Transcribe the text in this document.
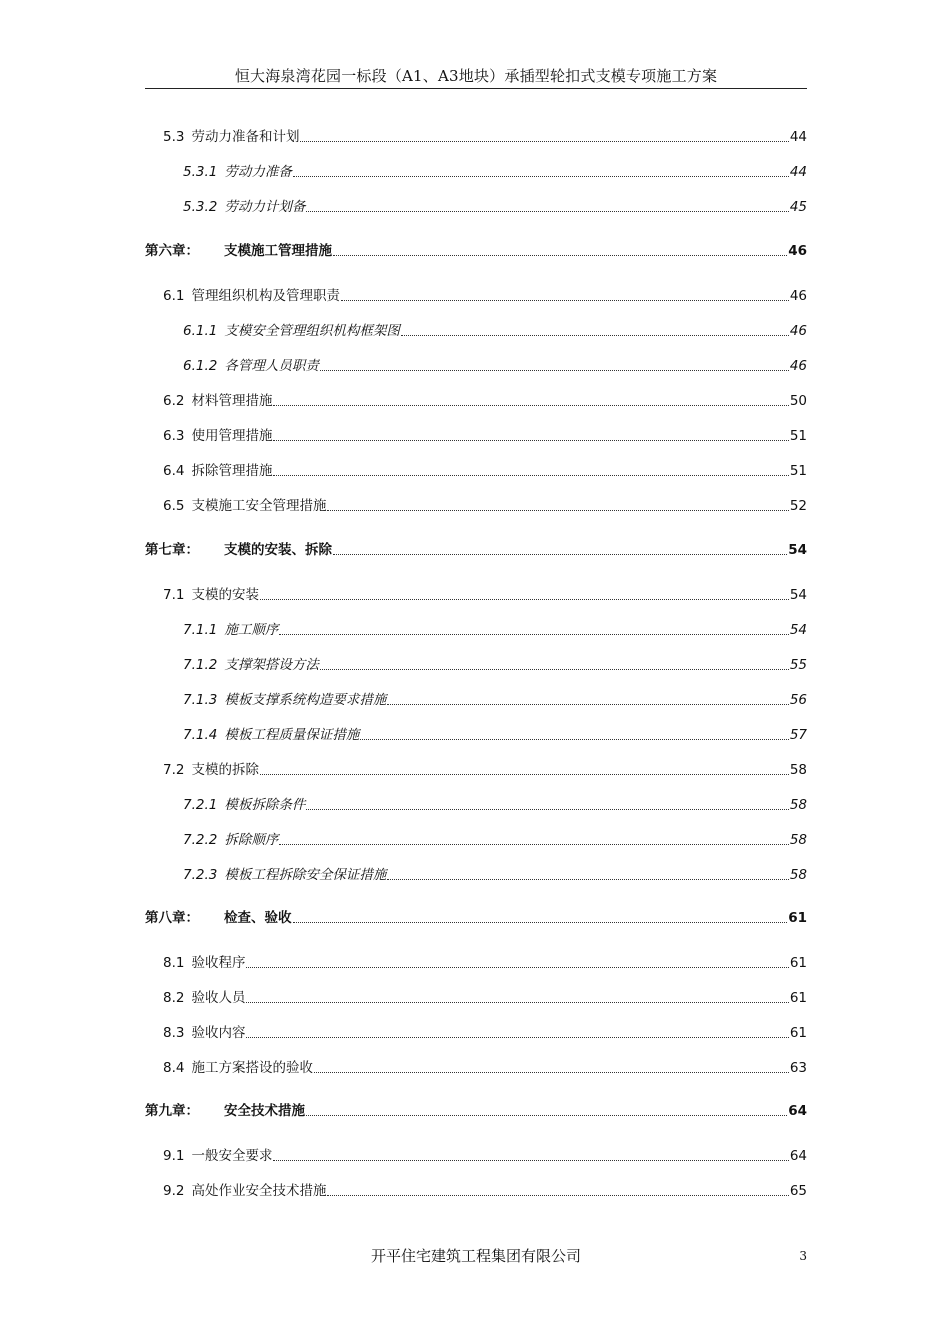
恒大海泉湾花园一标段（A1、A3地块）承插型轮扣式支模专项施工方案
5.3 劳动力准备和计划	44
5.3.1 劳动力准备	44
5.3.2 劳动力计划备	45
第六章： 支模施工管理措施	46
6.1 管理组织机构及管理职责	46
6.1.1 支模安全管理组织机构框架图	46
6.1.2 各管理人员职责	46
6.2 材料管理措施	50
6.3 使用管理措施	51
6.4 拆除管理措施	51
6.5 支模施工安全管理措施	52
第七章： 支模的安装、拆除	54
7.1 支模的安装	54
7.1.1 施工顺序	54
7.1.2 支撑架搭设方法	55
7.1.3 模板支撑系统构造要求措施	56
7.1.4 模板工程质量保证措施	57
7.2 支模的拆除	58
7.2.1 模板拆除条件	58
7.2.2 拆除顺序	58
7.2.3 模板工程拆除安全保证措施	58
第八章： 检查、验收	61
8.1 验收程序	61
8.2 验收人员	61
8.3 验收内容	61
8.4 施工方案搭设的验收	63
第九章： 安全技术措施	64
9.1 一般安全要求	64
9.2 高处作业安全技术措施	65
开平住宅建筑工程集团有限公司	3
